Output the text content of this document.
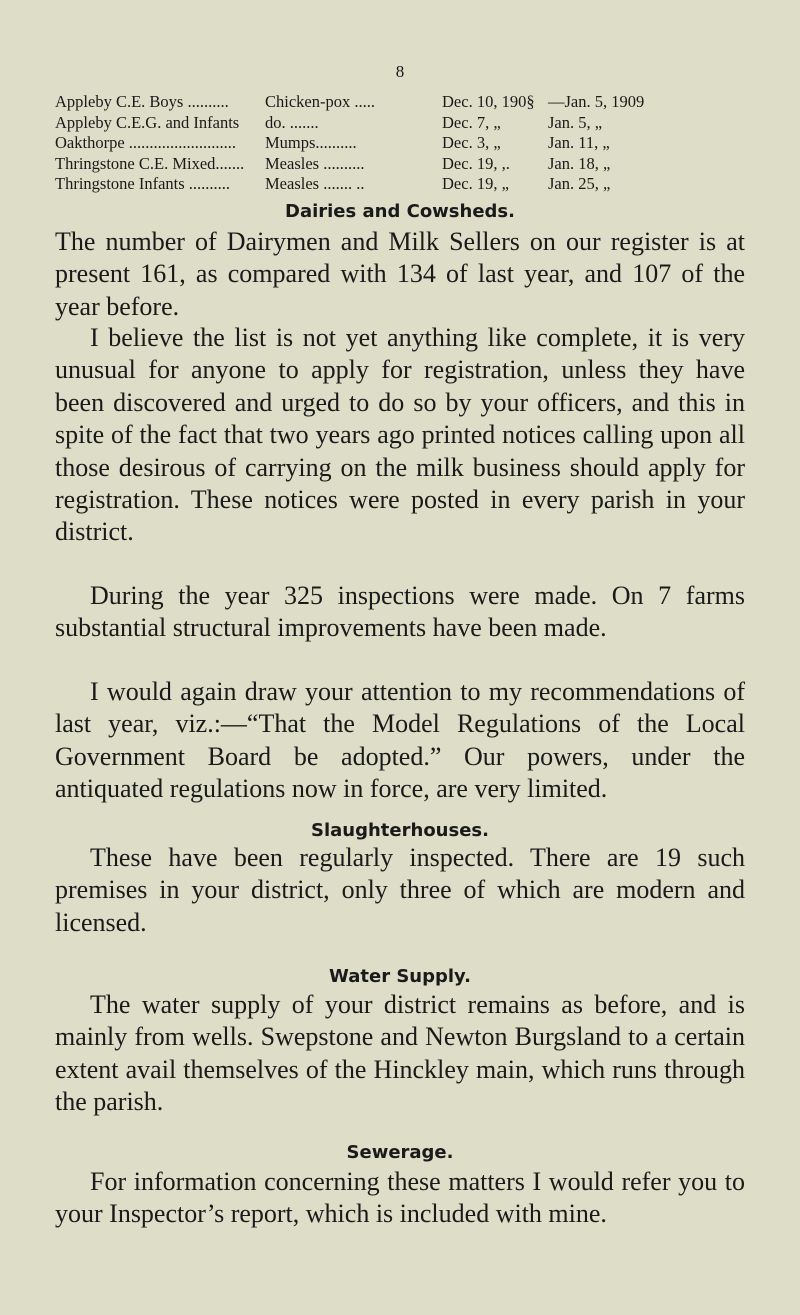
8
Appleby C.E. Boys .......... Chicken-pox .....	Dec. 10, 190§ —Jan. 5, 1909
Appleby C.E.G. and Infants do. .......	Dec. 7, „	Jan. 5, „
Oakthorpe .......................... Mumps..........	Dec. 3, „	Jan. 11, „
Thringstone C.E. Mixed....... Measles ..........	Dec. 19, ,. Jan. 18, „
Thringstone Infants .......... Measles ....... ..	Dec. 19, „ Jan. 25, „
Dairies and Cowsheds.

The number of Dairymen and Milk Sellers on our register is at present 161, as compared with 134 of last year, and 107 of the year before.

I believe the list is not yet anything like complete, it is very unusual for anyone to apply for registration, unless they have been discovered and urged to do so by your officers, and this in spite of the fact that two years ago printed notices calling upon all those desirous of carrying on the milk business should apply for registration. These notices were posted in every parish in your district.

During the year 325 inspections were made. On 7 farms substantial structural improvements have been made.

I would again draw your attention to my recommendations of last year, viz.:—“That the Model Regulations of the Local Government Board be adopted.” Our powers, under the antiquated regulations now in force, are very limited.

Slaughterhouses.

These have been regularly inspected. There are 19 such premises in your district, only three of which are modern and licensed.

Water Supply.

The water supply of your district remains as before, and is mainly from wells. Swepstone and Newton Burgsland to a certain extent avail themselves of the Hinckley main, which runs through the parish.

Sewerage.

For information concerning these matters I would refer you to your Inspector’s report, which is included with mine.
